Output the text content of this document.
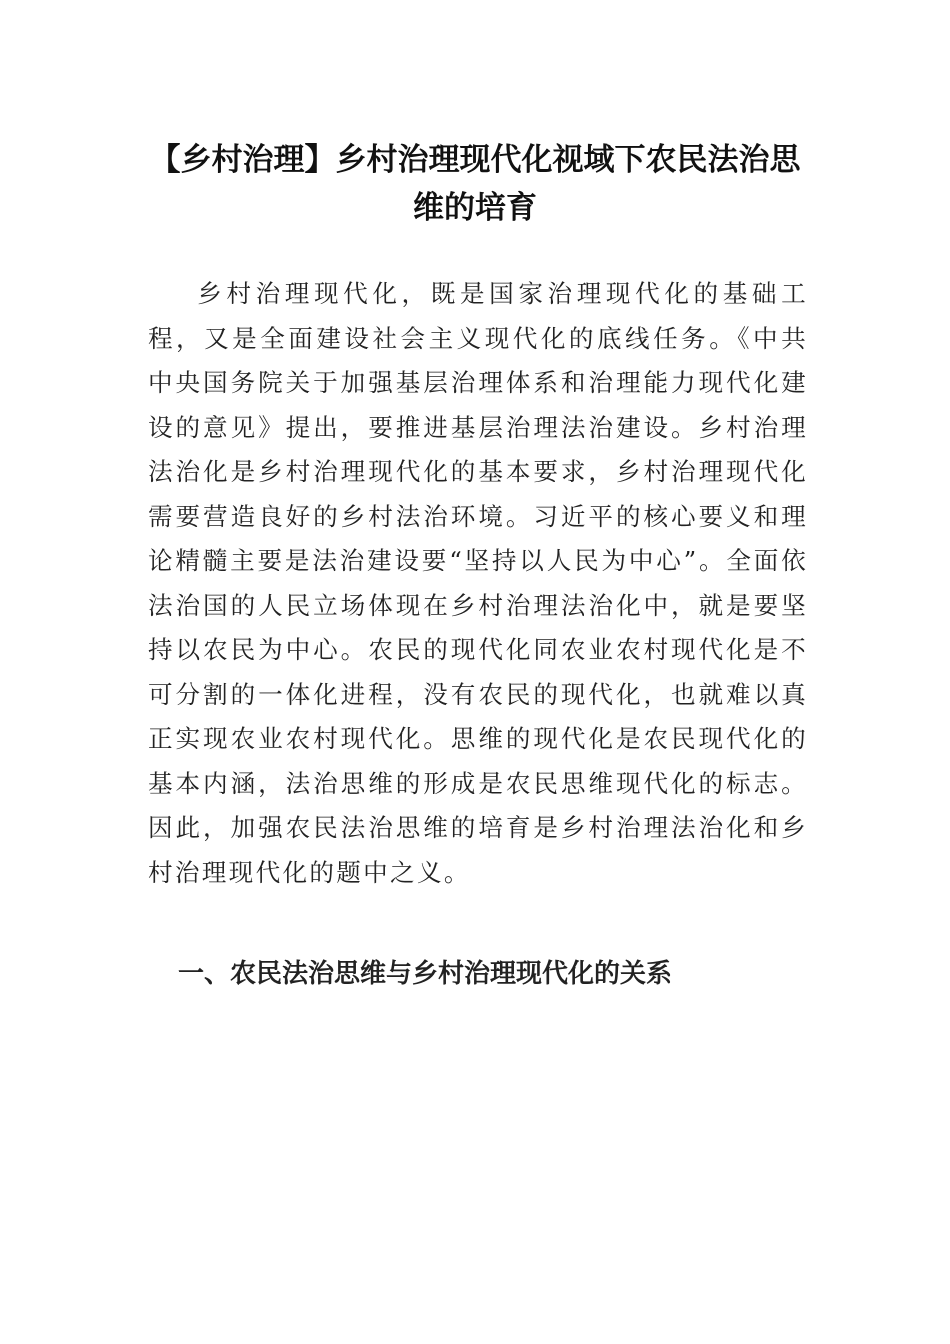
【乡村治理】乡村治理现代化视域下农民法治思维的培育

乡村治理现代化，既是国家治理现代化的基础工程，又是全面建设社会主义现代化的底线任务。《中共中央国务院关于加强基层治理体系和治理能力现代化建设的意见》提出，要推进基层治理法治建设。乡村治理法治化是乡村治理现代化的基本要求，乡村治理现代化需要营造良好的乡村法治环境。习近平的核心要义和理论精髓主要是法治建设要“坚持以人民为中心”。全面依法治国的人民立场体现在乡村治理法治化中，就是要坚持以农民为中心。农民的现代化同农业农村现代化是不可分割的一体化进程，没有农民的现代化，也就难以真正实现农业农村现代化。思维的现代化是农民现代化的基本内涵，法治思维的形成是农民思维现代化的标志。因此，加强农民法治思维的培育是乡村治理法治化和乡村治理现代化的题中之义。

一、农民法治思维与乡村治理现代化的关系
